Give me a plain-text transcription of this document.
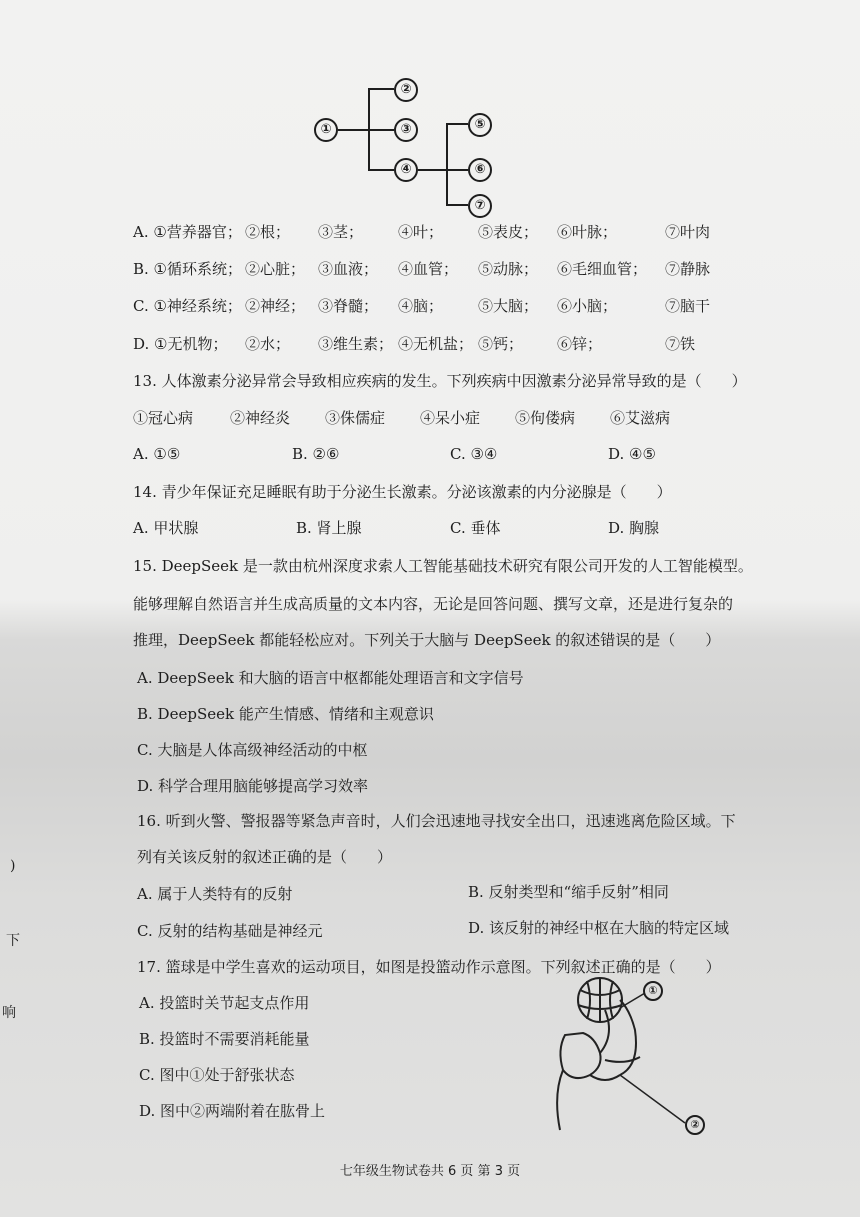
①
②
③
④
⑤
⑥
⑦
A. ①营养器官； ②根； ③茎； ④叶； ⑤表皮； ⑥叶脉；	⑦叶肉
B. ①循环系统； ②心脏； ③血液； ④血管； ⑤动脉； ⑥毛细血管； ⑦静脉
C. ①神经系统； ②神经； ③脊髓； ④脑； ⑤大脑； ⑥小脑；	⑦脑干
D. ①无机物； ②水； ③维生素； ④无机盐； ⑤钙； ⑥锌；	⑦铁
13. 人体激素分泌异常会导致相应疾病的发生。下列疾病中因激素分泌异常导致的是（　　）
①冠心病 ②神经炎 ③侏儒症 ④呆小症 ⑤佝偻病 ⑥艾滋病
A. ①⑤	B. ②⑥	C. ③④	D. ④⑤
14. 青少年保证充足睡眠有助于分泌生长激素。分泌该激素的内分泌腺是（　　）
A. 甲状腺	B. 肾上腺	C. 垂体	D. 胸腺
15. DeepSeek 是一款由杭州深度求索人工智能基础技术研究有限公司开发的人工智能模型。
能够理解自然语言并生成高质量的文本内容，无论是回答问题、撰写文章，还是进行复杂的
推理，DeepSeek 都能轻松应对。下列关于大脑与 DeepSeek 的叙述错误的是（　　）
A. DeepSeek 和大脑的语言中枢都能处理语言和文字信号
B. DeepSeek 能产生情感、情绪和主观意识
C. 大脑是人体高级神经活动的中枢
D. 科学合理用脑能够提高学习效率
16. 听到火警、警报器等紧急声音时，人们会迅速地寻找安全出口，迅速逃离危险区域。下
列有关该反射的叙述正确的是（　　）
A. 属于人类特有的反射	B. 反射类型和“缩手反射”相同
C. 反射的结构基础是神经元	D. 该反射的神经中枢在大脑的特定区域
17. 篮球是中学生喜欢的运动项目，如图是投篮动作示意图。下列叙述正确的是（　　）
A. 投篮时关节起支点作用
B. 投篮时不需要消耗能量
C. 图中①处于舒张状态
D. 图中②两端附着在肱骨上
①
②
)
下
响
七年级生物试卷共 6 页 第 3 页
